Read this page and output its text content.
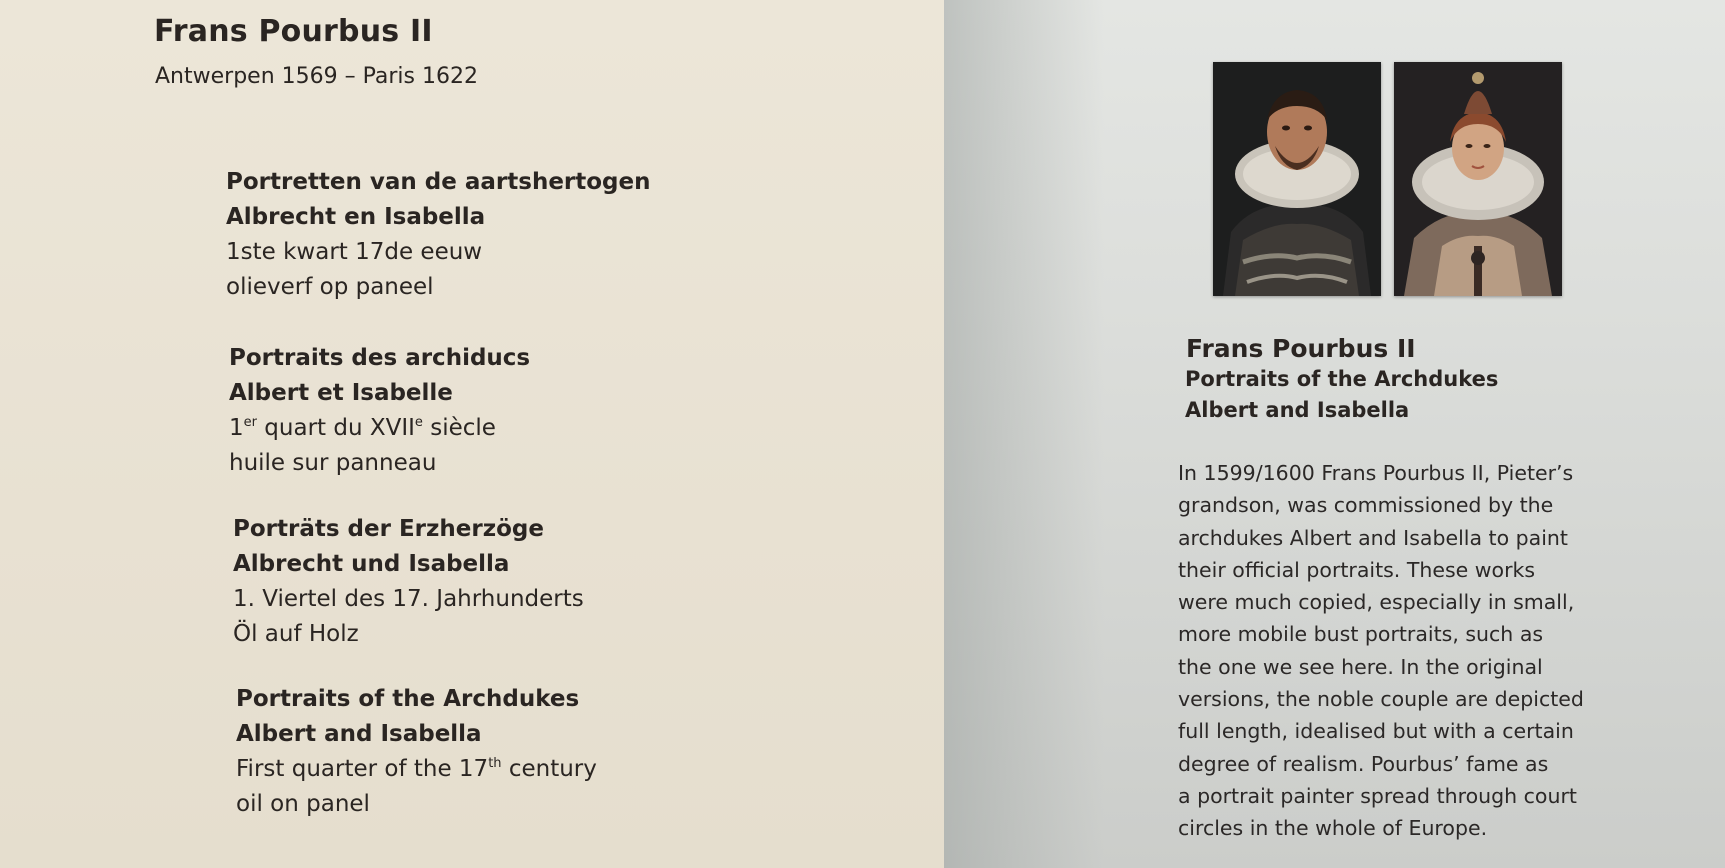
Frans Pourbus II
Antwerpen 1569 – Paris 1622
Portretten van de aartshertogen
Albrecht en Isabella
1ste kwart 17de eeuw
olieverf op paneel
Portraits des archiducs
Albert et Isabelle
1er quart du XVIIe siècle
huile sur panneau
Porträts der Erzherzöge
Albrecht und Isabella
1. Viertel des 17. Jahrhunderts
Öl auf Holz
Portraits of the Archdukes
Albert and Isabella
First quarter of the 17th century
oil on panel
Frans Pourbus II
Portraits of the Archdukes
Albert and Isabella
In 1599/1600 Frans Pourbus II, Pieter’s
grandson, was commissioned by the
archdukes Albert and Isabella to paint
their official portraits. These works
were much copied, especially in small,
more mobile bust portraits, such as
the one we see here. In the original
versions, the noble couple are depicted
full length, idealised but with a certain
degree of realism. Pourbus’ fame as
a portrait painter spread through court
circles in the whole of Europe.
